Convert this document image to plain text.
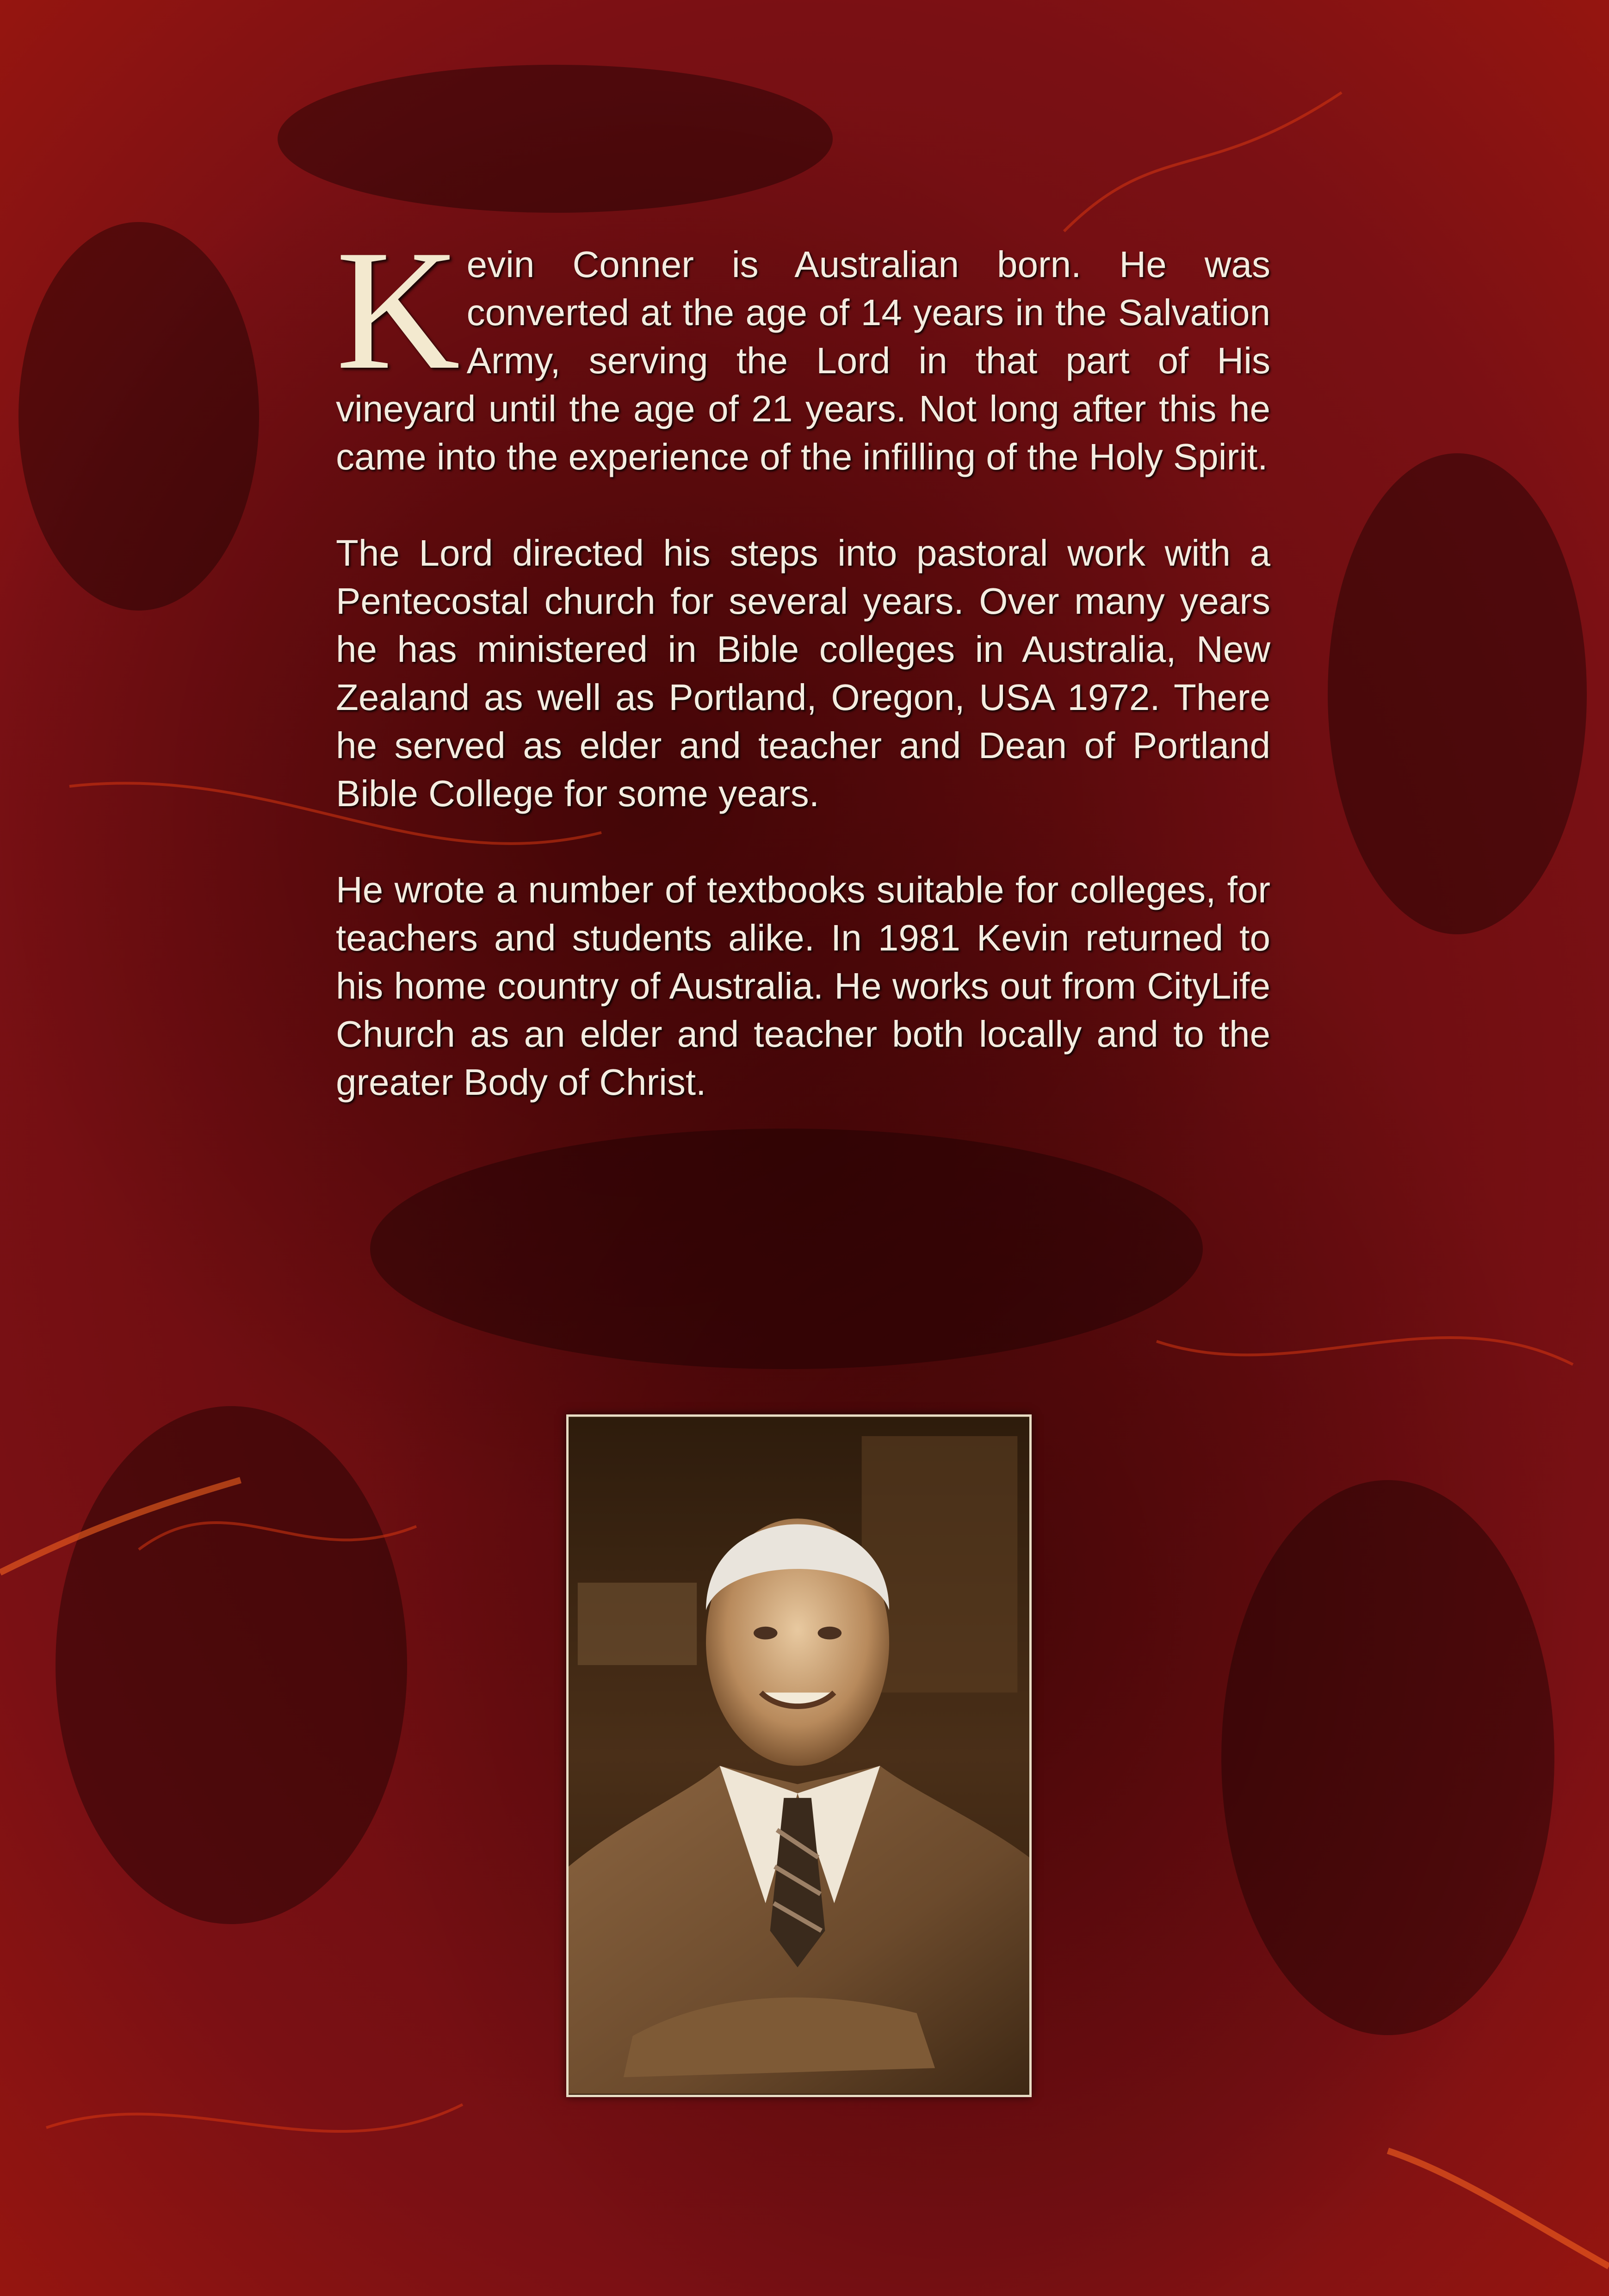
Kevin Conner is Australian born. He was converted at the age of 14 years in the Salvation Army, serving the Lord in that part of His vineyard until the age of 21 years. Not long after this he came into the experience of the infilling of the Holy Spirit.

The Lord directed his steps into pastoral work with a Pentecostal church for several years. Over many years he has ministered in Bible colleges in Australia, New Zealand as well as Portland, Oregon, USA 1972. There he served as elder and teacher and Dean of Portland Bible College for some years.

He wrote a number of textbooks suitable for colleges, for teachers and students alike. In 1981 Kevin returned to his home country of Australia. He works out from CityLife Church as an elder and teacher both locally and to the greater Body of Christ.
